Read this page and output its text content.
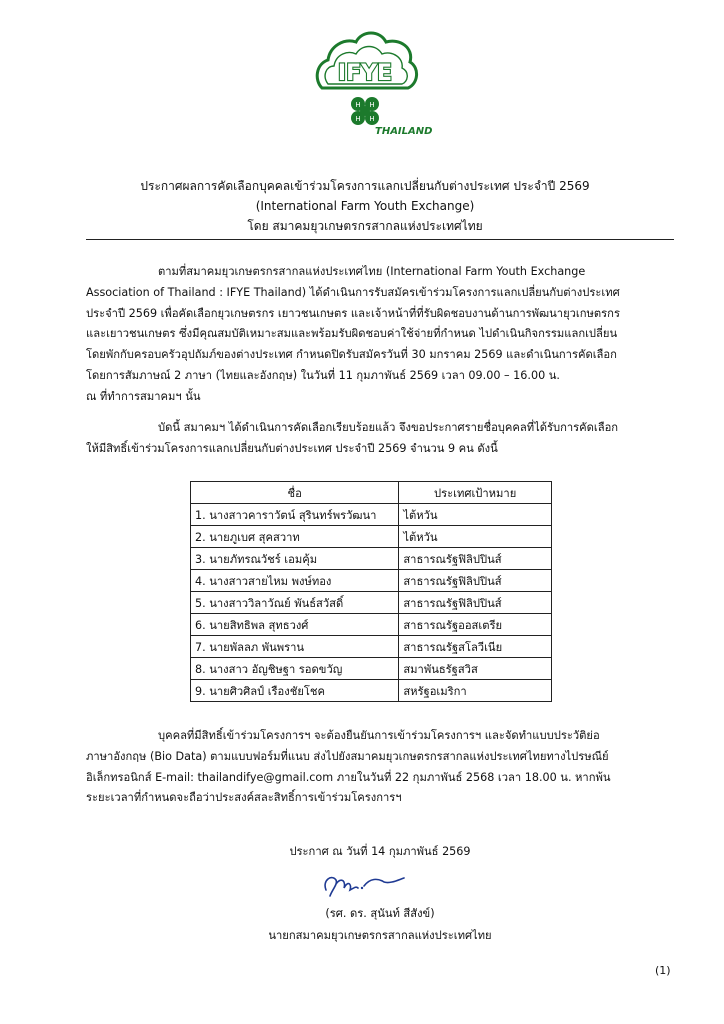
IFYE
H H
H H
THAILAND
ประกาศผลการคัดเลือกบุคคลเข้าร่วมโครงการแลกเปลี่ยนกับต่างประเทศ ประจำปี 2569
(International Farm Youth Exchange)
โดย สมาคมยุวเกษตรกรสากลแห่งประเทศไทย
ตามที่สมาคมยุวเกษตรกรสากลแห่งประเทศไทย (International Farm Youth Exchange
Association of Thailand : IFYE Thailand) ได้ดำเนินการรับสมัครเข้าร่วมโครงการแลกเปลี่ยนกับต่างประเทศ
ประจำปี 2569 เพื่อคัดเลือกยุวเกษตรกร เยาวชนเกษตร และเจ้าหน้าที่ที่รับผิดชอบงานด้านการพัฒนายุวเกษตรกร
และเยาวชนเกษตร ซึ่งมีคุณสมบัติเหมาะสมและพร้อมรับผิดชอบค่าใช้จ่ายที่กำหนด ไปดำเนินกิจกรรมแลกเปลี่ยน
โดยพักกับครอบครัวอุปถัมภ์ของต่างประเทศ กำหนดปิดรับสมัครวันที่ 30 มกราคม 2569 และดำเนินการคัดเลือก
โดยการสัมภาษณ์ 2 ภาษา (ไทยและอังกฤษ) ในวันที่ 11 กุมภาพันธ์ 2569 เวลา 09.00 – 16.00 น.
ณ ที่ทำการสมาคมฯ นั้น
บัดนี้ สมาคมฯ ได้ดำเนินการคัดเลือกเรียบร้อยแล้ว จึงขอประกาศรายชื่อบุคคลที่ได้รับการคัดเลือก
ให้มีสิทธิ์เข้าร่วมโครงการแลกเปลี่ยนกับต่างประเทศ ประจำปี 2569 จำนวน 9 คน ดังนี้
ชื่อ	ประเทศเป้าหมาย
1. นางสาวคาราวัตน์ สุรินทร์พรวัฒนา	ไต้หวัน
2. นายภูเบศ สุคสวาท	ไต้หวัน
3. นายภัทรณวัชร์ เอมคุ้ม	สาธารณรัฐฟิลิปปินส์
4. นางสาวสายไหม พงษ์ทอง	สาธารณรัฐฟิลิปปินส์
5. นางสาววิลาวัณย์ พันธ์สวัสดิ์	สาธารณรัฐฟิลิปปินส์
6. นายสิทธิพล สุทธวงศ์	สาธารณรัฐออสเตรีย
7. นายพัลลภ พันพราน	สาธารณรัฐสโลวีเนีย
8. นางสาว อัญชิษฐา รอดขวัญ	สมาพันธรัฐสวิส
9. นายศิวศิลป์ เรืองชัยโชค	สหรัฐอเมริกา
บุคคลที่มีสิทธิ์เข้าร่วมโครงการฯ จะต้องยืนยันการเข้าร่วมโครงการฯ และจัดทำแบบประวัติย่อ
ภาษาอังกฤษ (Bio Data) ตามแบบฟอร์มที่แนบ ส่งไปยังสมาคมยุวเกษตรกรสากลแห่งประเทศไทยทางไปรษณีย์
อิเล็กทรอนิกส์ E-mail: thailandifye@gmail.com ภายในวันที่ 22 กุมภาพันธ์ 2568 เวลา 18.00 น. หากพ้น
ระยะเวลาที่กำหนดจะถือว่าประสงค์สละสิทธิ์การเข้าร่วมโครงการฯ
ประกาศ ณ วันที่ 14 กุมภาพันธ์ 2569
(รศ. ดร. สุนันท์ สีสังข์)
นายกสมาคมยุวเกษตรกรสากลแห่งประเทศไทย
(1)
